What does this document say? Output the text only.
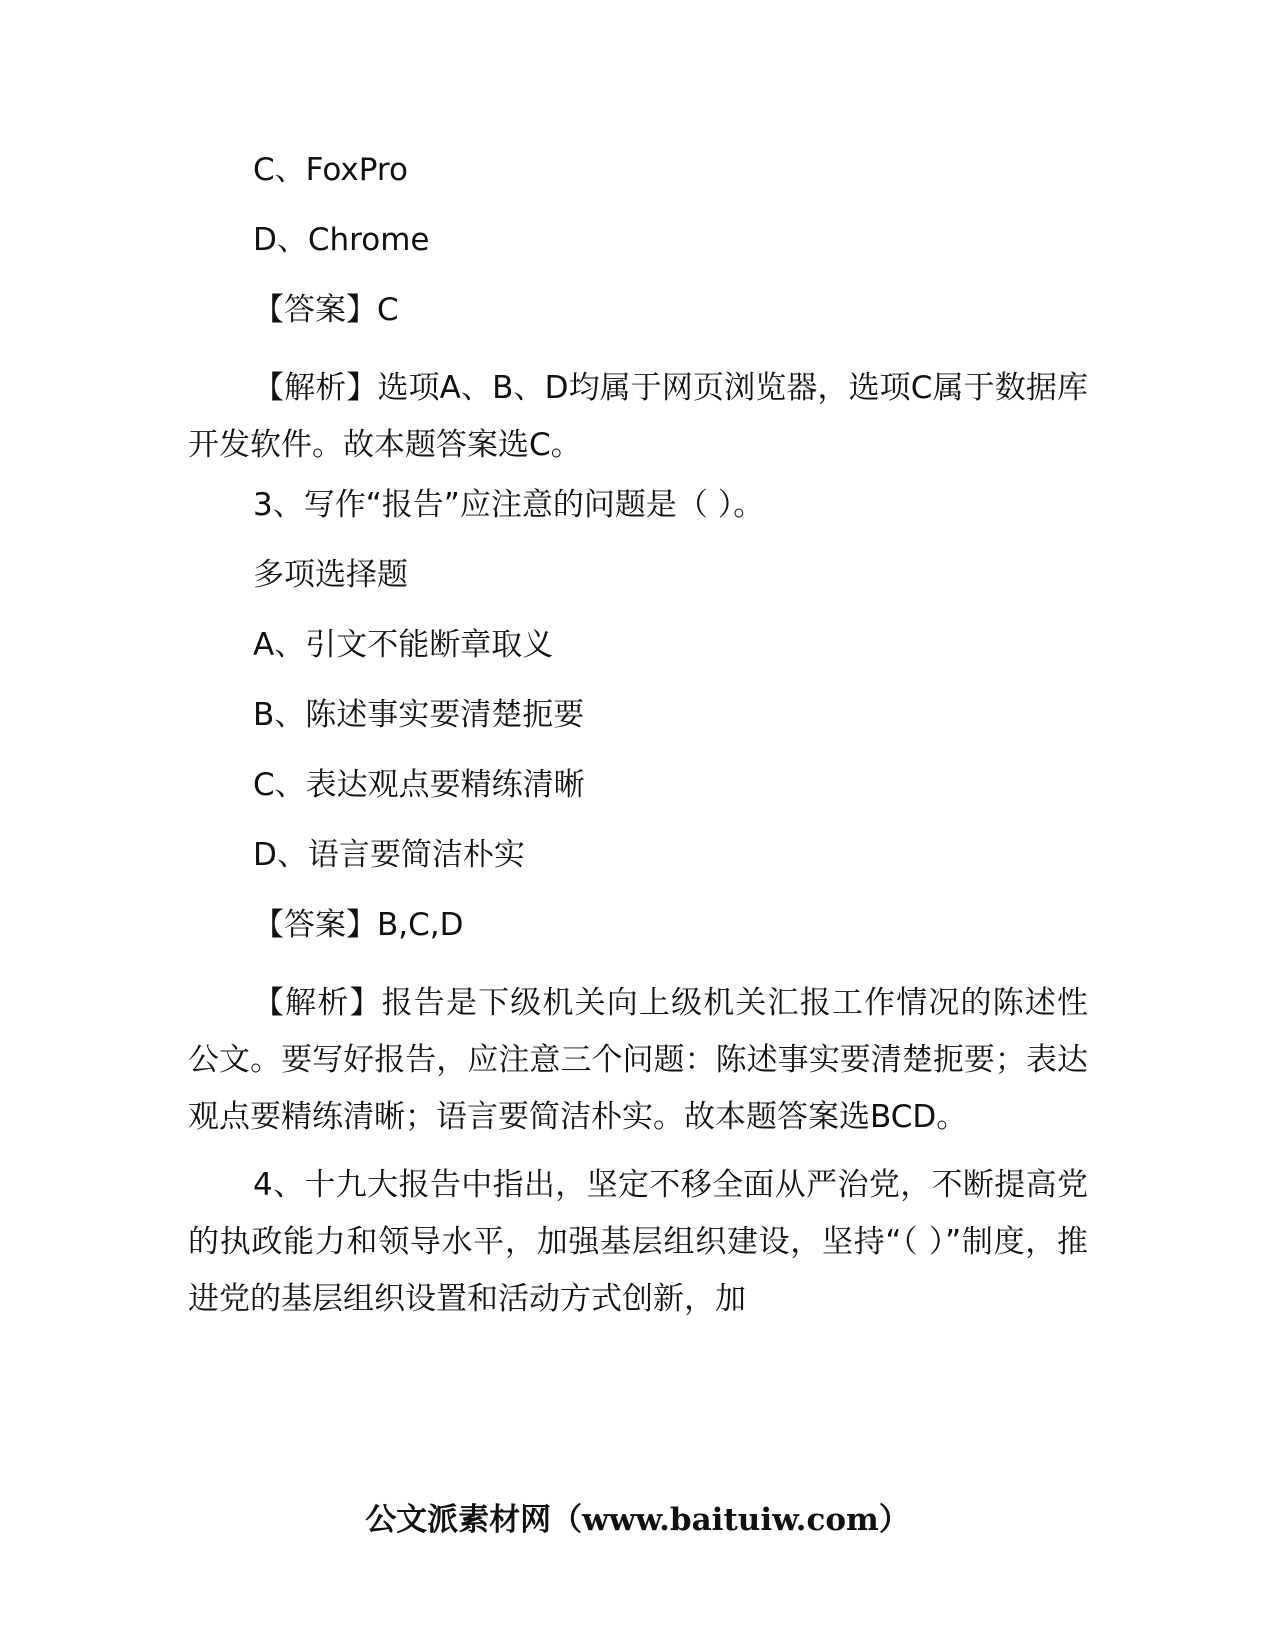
C、FoxPro
D、Chrome
【答案】C
【解析】选项A、B、D均属于网页浏览器，选项C属于数据库开发软件。故本题答案选C。
3、写作“报告”应注意的问题是（ ）。
多项选择题
A、引文不能断章取义
B、陈述事实要清楚扼要
C、表达观点要精练清晰
D、语言要简洁朴实
【答案】B,C,D
【解析】报告是下级机关向上级机关汇报工作情况的陈述性公文。要写好报告，应注意三个问题：陈述事实要清楚扼要；表达观点要精练清晰；语言要简洁朴实。故本题答案选BCD。
4、十九大报告中指出，坚定不移全面从严治党，不断提高党的执政能力和领导水平，加强基层组织建设，坚持“（ ）”制度，推进党的基层组织设置和活动方式创新，加
公文派素材网（www.baituiw.com）
